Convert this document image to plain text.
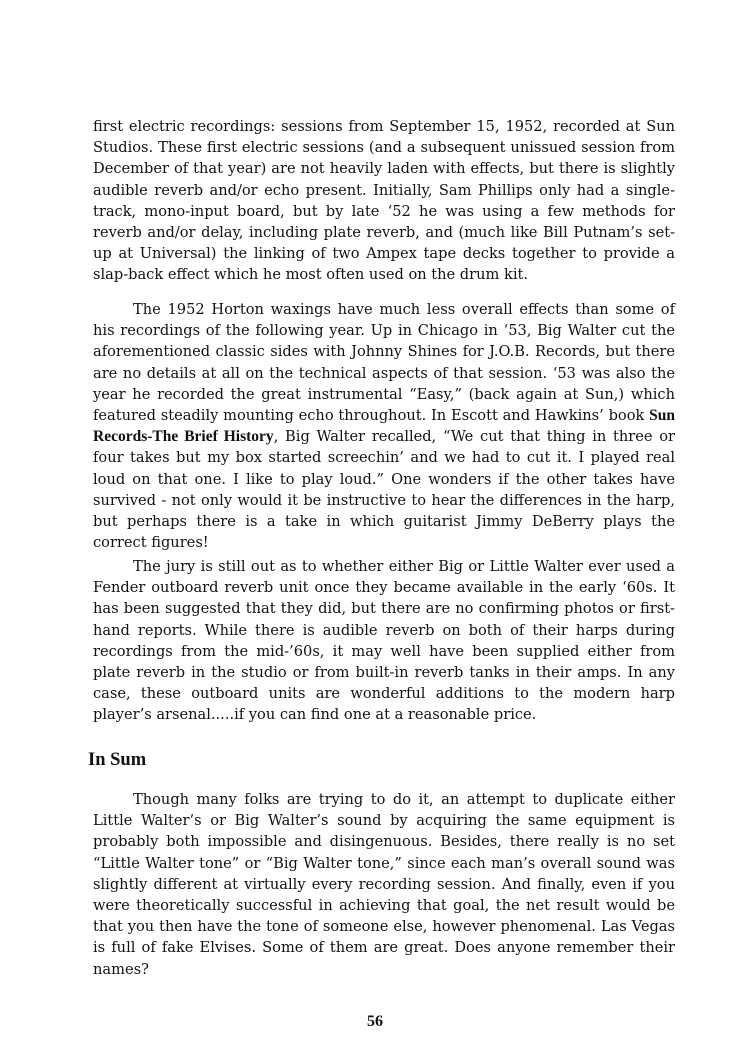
first electric recordings: sessions from September 15, 1952, recorded at Sun Studios. These first electric sessions (and a subsequent unissued session from December of that year) are not heavily laden with effects, but there is slightly audible reverb and/or echo present. Initially, Sam Phillips only had a single-track, mono-input board, but by late ‘52 he was using a few methods for reverb and/or delay, including plate reverb, and (much like Bill Putnam’s set-up at Universal) the linking of two Ampex tape decks together to provide a slap-back effect which he most often used on the drum kit.

The 1952 Horton waxings have much less overall effects than some of his recordings of the following year. Up in Chicago in ‘53, Big Walter cut the aforementioned classic sides with Johnny Shines for J.O.B. Records, but there are no details at all on the technical aspects of that session. ‘53 was also the year he recorded the great instrumental “Easy,” (back again at Sun,) which featured steadily mounting echo throughout. In Escott and Hawkins’ book Sun Records-The Brief History, Big Walter recalled, “We cut that thing in three or four takes but my box started screechin’ and we had to cut it. I played real loud on that one. I like to play loud.” One wonders if the other takes have survived - not only would it be instructive to hear the differences in the harp, but perhaps there is a take in which guitarist Jimmy DeBerry plays the correct figures!

The jury is still out as to whether either Big or Little Walter ever used a Fender outboard reverb unit once they became available in the early ‘60s. It has been suggested that they did, but there are no confirming photos or first-hand reports. While there is audible reverb on both of their harps during recordings from the mid-’60s, it may well have been supplied either from plate reverb in the studio or from built-in reverb tanks in their amps. In any case, these outboard units are wonderful additions to the modern harp player’s arsenal.....if you can find one at a reasonable price.

In Sum

Though many folks are trying to do it, an attempt to duplicate either Little Walter’s or Big Walter’s sound by acquiring the same equipment is probably both impossible and disingenuous. Besides, there really is no set “Little Walter tone” or “Big Walter tone,” since each man’s overall sound was slightly different at virtually every recording session. And finally, even if you were theoretically successful in achieving that goal, the net result would be that you then have the tone of someone else, however phenomenal. Las Vegas is full of fake Elvises. Some of them are great. Does anyone remember their names?

56
